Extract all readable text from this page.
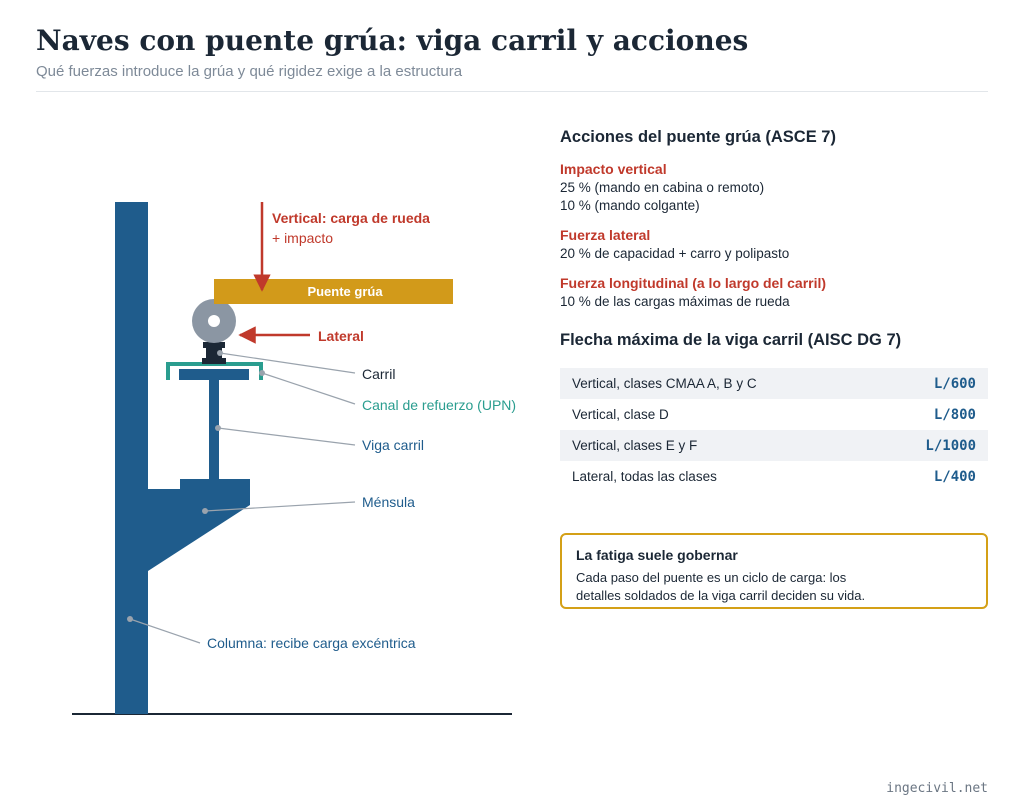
Naves con puente grúa: viga carril y acciones
Qué fuerzas introduce la grúa y qué rigidez exige a la estructura
Puente grúa
Vertical: carga de rueda
+ impacto
Lateral
Carril
Canal de refuerzo (UPN)
Viga carril
Ménsula
Columna: recibe carga excéntrica
Acciones del puente grúa (ASCE 7)
Impacto vertical
25 % (mando en cabina o remoto)
10 % (mando colgante)
Fuerza lateral
20 % de capacidad + carro y polipasto
Fuerza longitudinal (a lo largo del carril)
10 % de las cargas máximas de rueda
Flecha máxima de la viga carril (AISC DG 7)
Vertical, clases CMAA A, B y C	L/600
Vertical, clase D	L/800
Vertical, clases E y F	L/1000
Lateral, todas las clases	L/400
La fatiga suele gobernar
Cada paso del puente es un ciclo de carga: los detalles soldados de la viga carril deciden su vida.
ingecivil.net
